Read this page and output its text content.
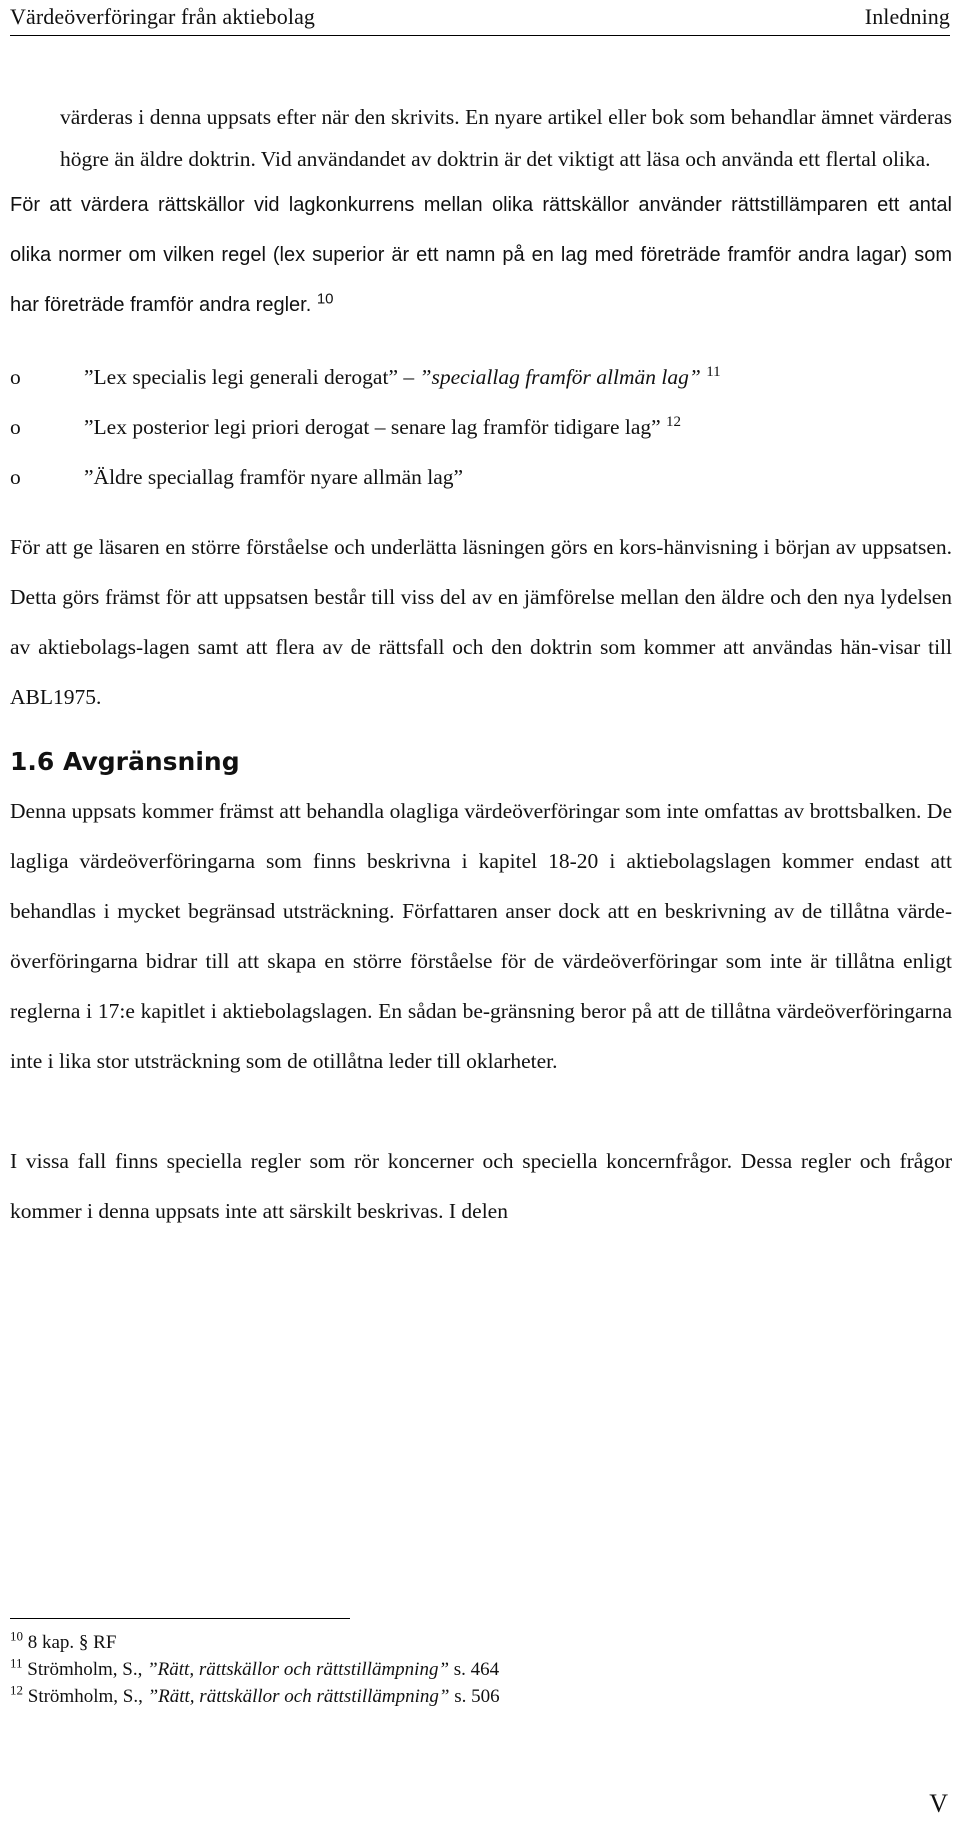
Värdeöverföringar från aktiebolag	Inledning

värderas i denna uppsats efter när den skrivits. En nyare artikel eller bok som behandlar ämnet värderas högre än äldre doktrin. Vid användandet av doktrin är det viktigt att läsa och använda ett flertal olika.

För att värdera rättskällor vid lagkonkurrens mellan olika rättskällor använder rättstillämparen ett antal olika normer om vilken regel (lex superior är ett namn på en lag med företräde framför andra lagar) som har företräde framför andra regler. $^{10}$

o	”Lex specialis legi generali derogat” – ”speciallag framför allmän lag” $^{11}$
o	”Lex posterior legi priori derogat – senare lag framför tidigare lag” $^{12}$
o	”Äldre speciallag framför nyare allmän lag”

För att ge läsaren en större förståelse och underlätta läsningen görs en kors-hänvisning i början av uppsatsen. Detta görs främst för att uppsatsen består till viss del av en jämförelse mellan den äldre och den nya lydelsen av aktiebolags-lagen samt att flera av de rättsfall och den doktrin som kommer att användas hän-visar till ABL1975.

1.6 Avgränsning

Denna uppsats kommer främst att behandla olagliga värdeöverföringar som inte omfattas av brottsbalken. De lagliga värdeöverföringarna som finns beskrivna i kapitel 18-20 i aktiebolagslagen kommer endast att behandlas i mycket begränsad utsträckning. Författaren anser dock att en beskrivning av de tillåtna värde-överföringarna bidrar till att skapa en större förståelse för de värdeöverföringar som inte är tillåtna enligt reglerna i 17:e kapitlet i aktiebolagslagen. En sådan be-gränsning beror på att de tillåtna värdeöverföringarna inte i lika stor utsträckning som de otillåtna leder till oklarheter.

I vissa fall finns speciella regler som rör koncerner och speciella koncernfrågor. Dessa regler och frågor kommer i denna uppsats inte att särskilt beskrivas. I delen

$^{10}$ 8 kap. § RF
$^{11}$ Strömholm, S., ”Rätt, rättskällor och rättstillämpning” s. 464
$^{12}$ Strömholm, S., ”Rätt, rättskällor och rättstillämpning” s. 506
V
